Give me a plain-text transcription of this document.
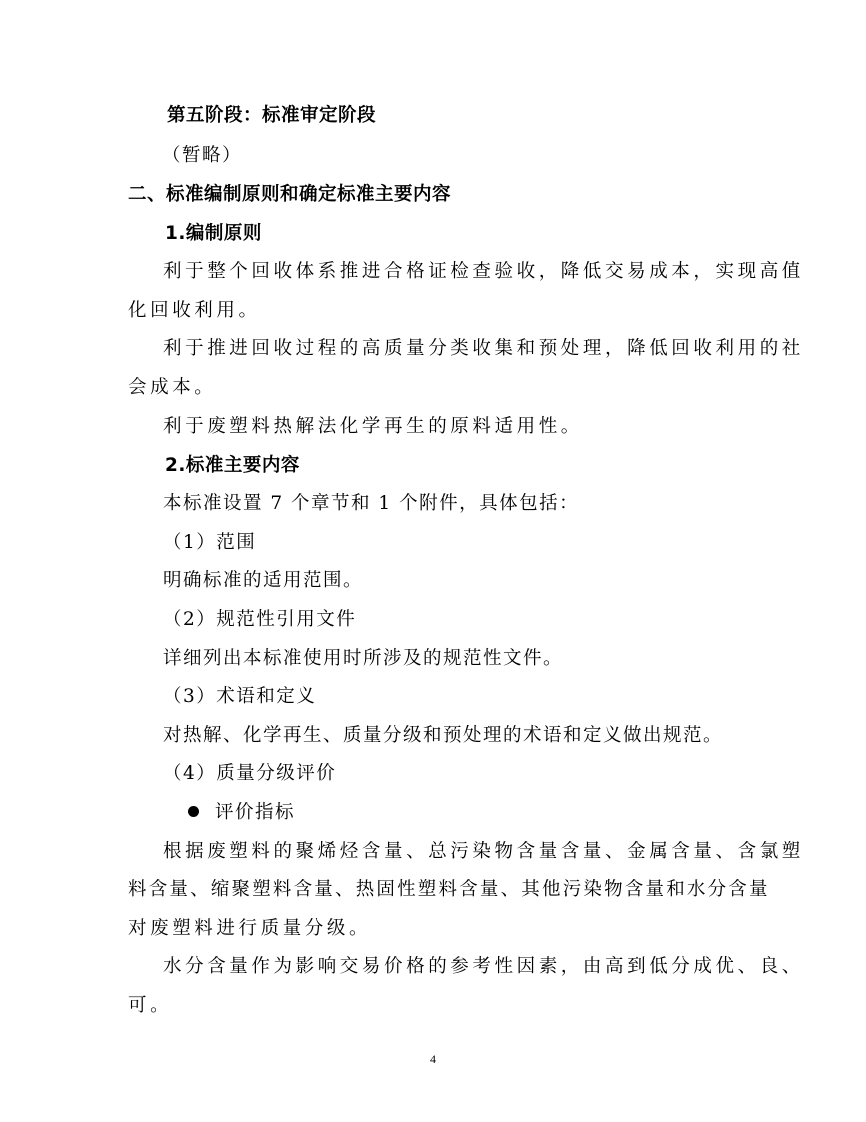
第五阶段：标准审定阶段
（暂略）
二、标准编制原则和确定标准主要内容
1.编制原则
利于整个回收体系推进合格证检查验收，降低交易成本，实现高值
化回收利用。
利于推进回收过程的高质量分类收集和预处理，降低回收利用的社
会成本。
利于废塑料热解法化学再生的原料适用性。
2.标准主要内容
本标准设置 7 个章节和 1 个附件，具体包括：
（1）范围
明确标准的适用范围。
（2）规范性引用文件
详细列出本标准使用时所涉及的规范性文件。
（3）术语和定义
对热解、化学再生、质量分级和预处理的术语和定义做出规范。
（4）质量分级评价
评价指标
根据废塑料的聚烯烃含量、总污染物含量含量、金属含量、含氯塑
料含量、缩聚塑料含量、热固性塑料含量、其他污染物含量和水分含量
对废塑料进行质量分级。
水分含量作为影响交易价格的参考性因素，由高到低分成优、良、
可。
4
